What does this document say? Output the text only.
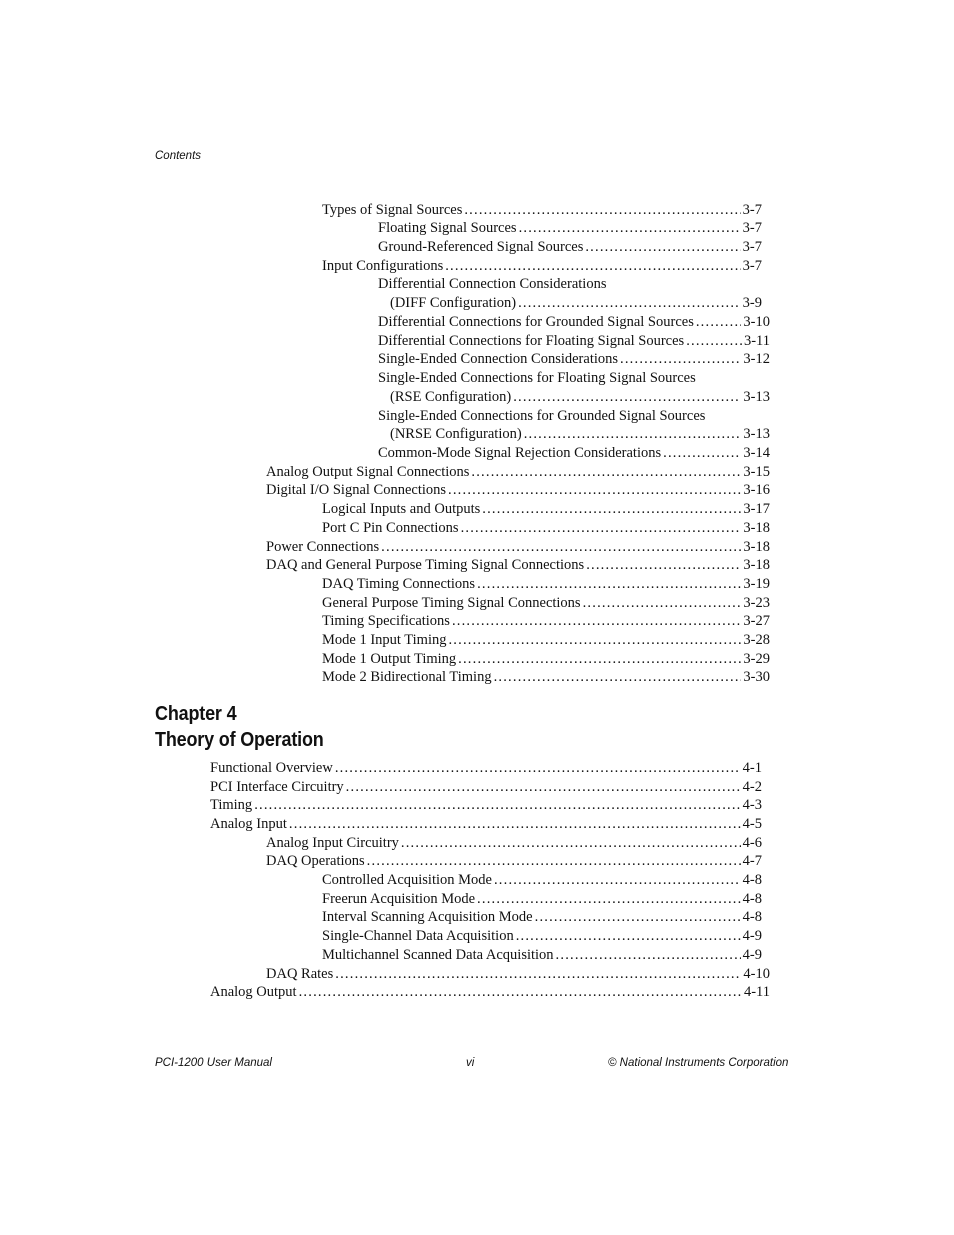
Contents
Types of Signal Sources .....	3-7
Floating Signal Sources .....	3-7
Ground-Referenced Signal Sources .....	3-7
Input Configurations .....	3-7
Differential Connection Considerations
(DIFF Configuration) .....	3-9
Differential Connections for Grounded Signal Sources .....	3-10
Differential Connections for Floating Signal Sources .....	3-11
Single-Ended Connection Considerations .....	3-12
Single-Ended Connections for Floating Signal Sources
(RSE Configuration) .....	3-13
Single-Ended Connections for Grounded Signal Sources
(NRSE Configuration) .....	3-13
Common-Mode Signal Rejection Considerations .....	3-14
Analog Output Signal Connections .....	3-15
Digital I/O Signal Connections .....	3-16
Logical Inputs and Outputs .....	3-17
Port C Pin Connections .....	3-18
Power Connections .....	3-18
DAQ and General Purpose Timing Signal Connections .....	3-18
DAQ Timing Connections .....	3-19
General Purpose Timing Signal Connections .....	3-23
Timing Specifications .....	3-27
Mode 1 Input Timing .....	3-28
Mode 1 Output Timing .....	3-29
Mode 2 Bidirectional Timing .....	3-30
Chapter 4
Theory of Operation
Functional Overview .....	4-1
PCI Interface Circuitry .....	4-2
Timing .....	4-3
Analog Input .....	4-5
Analog Input Circuitry .....	4-6
DAQ Operations .....	4-7
Controlled Acquisition Mode .....	4-8
Freerun Acquisition Mode .....	4-8
Interval Scanning Acquisition Mode .....	4-8
Single-Channel Data Acquisition .....	4-9
Multichannel Scanned Data Acquisition .....	4-9
DAQ Rates .....	4-10
Analog Output .....	4-11
PCI-1200 User Manual	vi	© National Instruments Corporation
